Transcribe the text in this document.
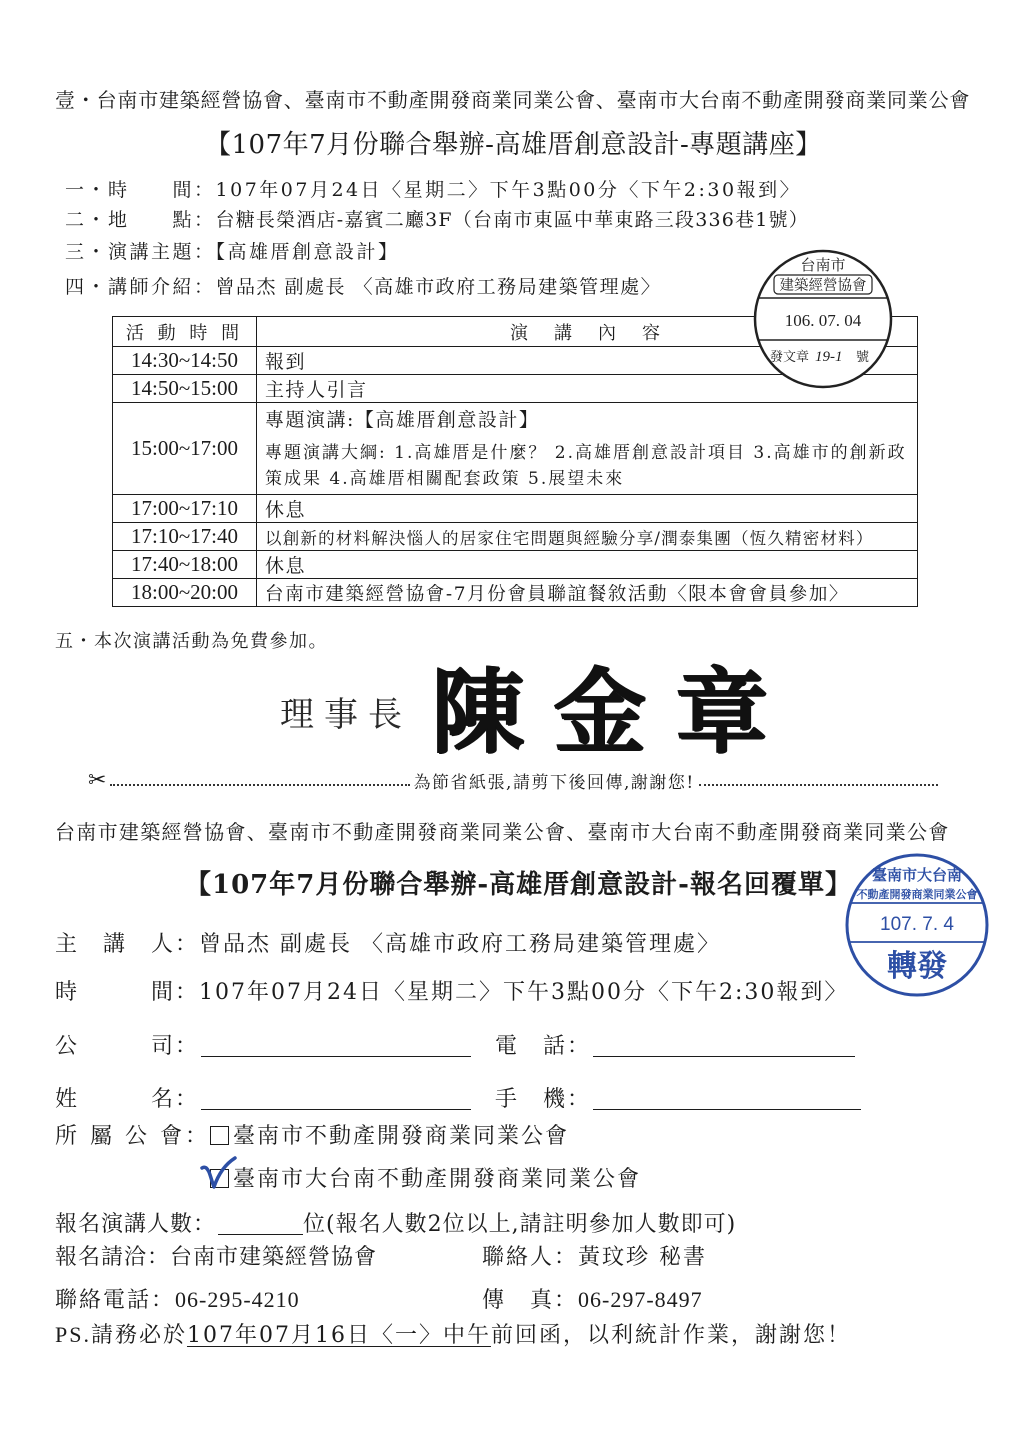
壹・台南市建築經營協會、臺南市不動產開發商業同業公會、臺南市大台南不動產開發商業同業公會
【107年7月份聯合舉辦-高雄厝創意設計-專題講座】
一・時　　間：107年07月24日〈星期二〉下午3點00分〈下午2:30報到〉
二・地　　點：台糖長榮酒店-嘉賓二廳3F（台南市東區中華東路三段336巷1號）
三・演講主題：【高雄厝創意設計】
四・講師介紹：曾品杰 副處長 〈高雄市政府工務局建築管理處〉
活 動 時 間	演　講　內　容
14:30~14:50	報到
14:50~15:00	主持人引言
15:00~17:00	專題演講:【高雄厝創意設計】
專題演講大綱: 1.高雄厝是什麼？ 2.高雄厝創意設計項目 3.高雄市的創新政策成果 4.高雄厝相關配套政策 5.展望未來

17:00~17:10	休息
17:10~17:40	以創新的材料解決惱人的居家住宅問題與經驗分享/潤泰集團（恆久精密材料）
17:40~18:00	休息
18:00~20:00	台南市建築經營協會-7月份會員聯誼餐敘活動〈限本會會員參加〉
台南市
建築經營協會
106. 07. 04
發文章 19-1 號
五・本次演講活動為免費參加。
理事長 陳金章
✂	為節省紙張,請剪下後回傳,謝謝您!
台南市建築經營協會、臺南市不動產開發商業同業公會、臺南市大台南不動產開發商業同業公會
【107年7月份聯合舉辦-高雄厝創意設計-報名回覆單】 臺南市大台南
不動產開發商業同業公會
107. 7. 4
轉發
主　講　人：曾品杰 副處長 〈高雄市政府工務局建築管理處〉
時　　　間：107年07月24日〈星期二〉下午3點00分〈下午2:30報到〉
公　　　司：	電　話：
姓　　　名：	手　機：
所 屬 公 會： 臺南市不動產開發商業同業公會
臺南市大台南不動產開發商業同業公會
報名演講人數：	位(報名人數2位以上,請註明參加人數即可)
報名請洽：台南市建築經營協會	聯絡人：黃玟珍 秘書
聯絡電話：06-295-4210	傳　真：06-297-8497
PS.請務必於107年07月16日〈一〉中午前回函，以利統計作業，謝謝您！
